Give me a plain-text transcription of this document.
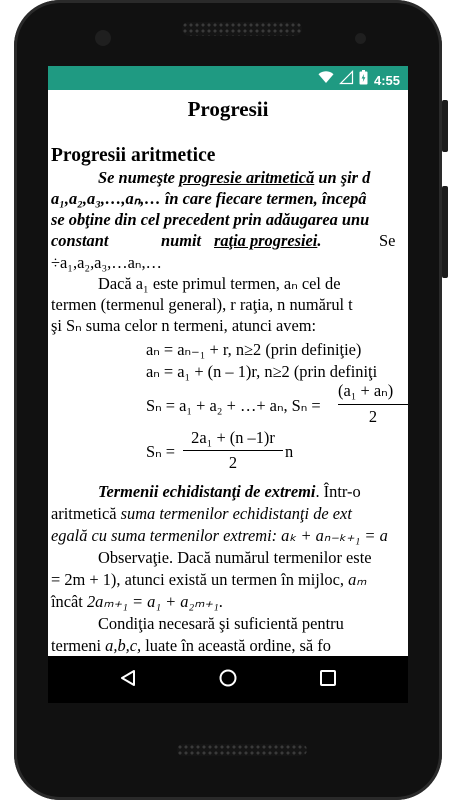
4:55
Progresii
Progresii aritmetice
Se numeşte progresie aritmetică un şir d
a₁,a₂,a₃,…,aₙ,… în care fiecare termen, începâ
se obţine din cel precedent prin adăugarea unu
constant	numit raţia progresiei.	Se
÷a₁,a₂,a₃,…aₙ,…
Dacă a₁ este primul termen, aₙ cel de
termen (termenul general), r raţia, n numărul t
şi Sₙ suma celor n termeni, atunci avem:
aₙ = aₙ₋₁ + r, n≥2 (prin definiţie)
aₙ = a₁ + (n – 1)r, n≥2 (prin definiţi
Sₙ = a₁ + a₂ + …+ aₙ, Sₙ =
(a₁ + aₙ)
2
Sₙ =
2a₁ + (n –1)r
2
n
Termenii echidistanţi de extremi. Într-o
aritmetică suma termenilor echidistanţi de ext
egală cu suma termenilor extremi: aₖ + aₙ₋ₖ₊₁ = a
Observaţie. Dacă numărul termenilor este
= 2m + 1), atunci există un termen în mijloc, aₘ
încât 2aₘ₊₁ = a₁ + a₂ₘ₊₁.
Condiţia necesară şi suficientă pentru
termeni a,b,c, luate în această ordine, să fo
